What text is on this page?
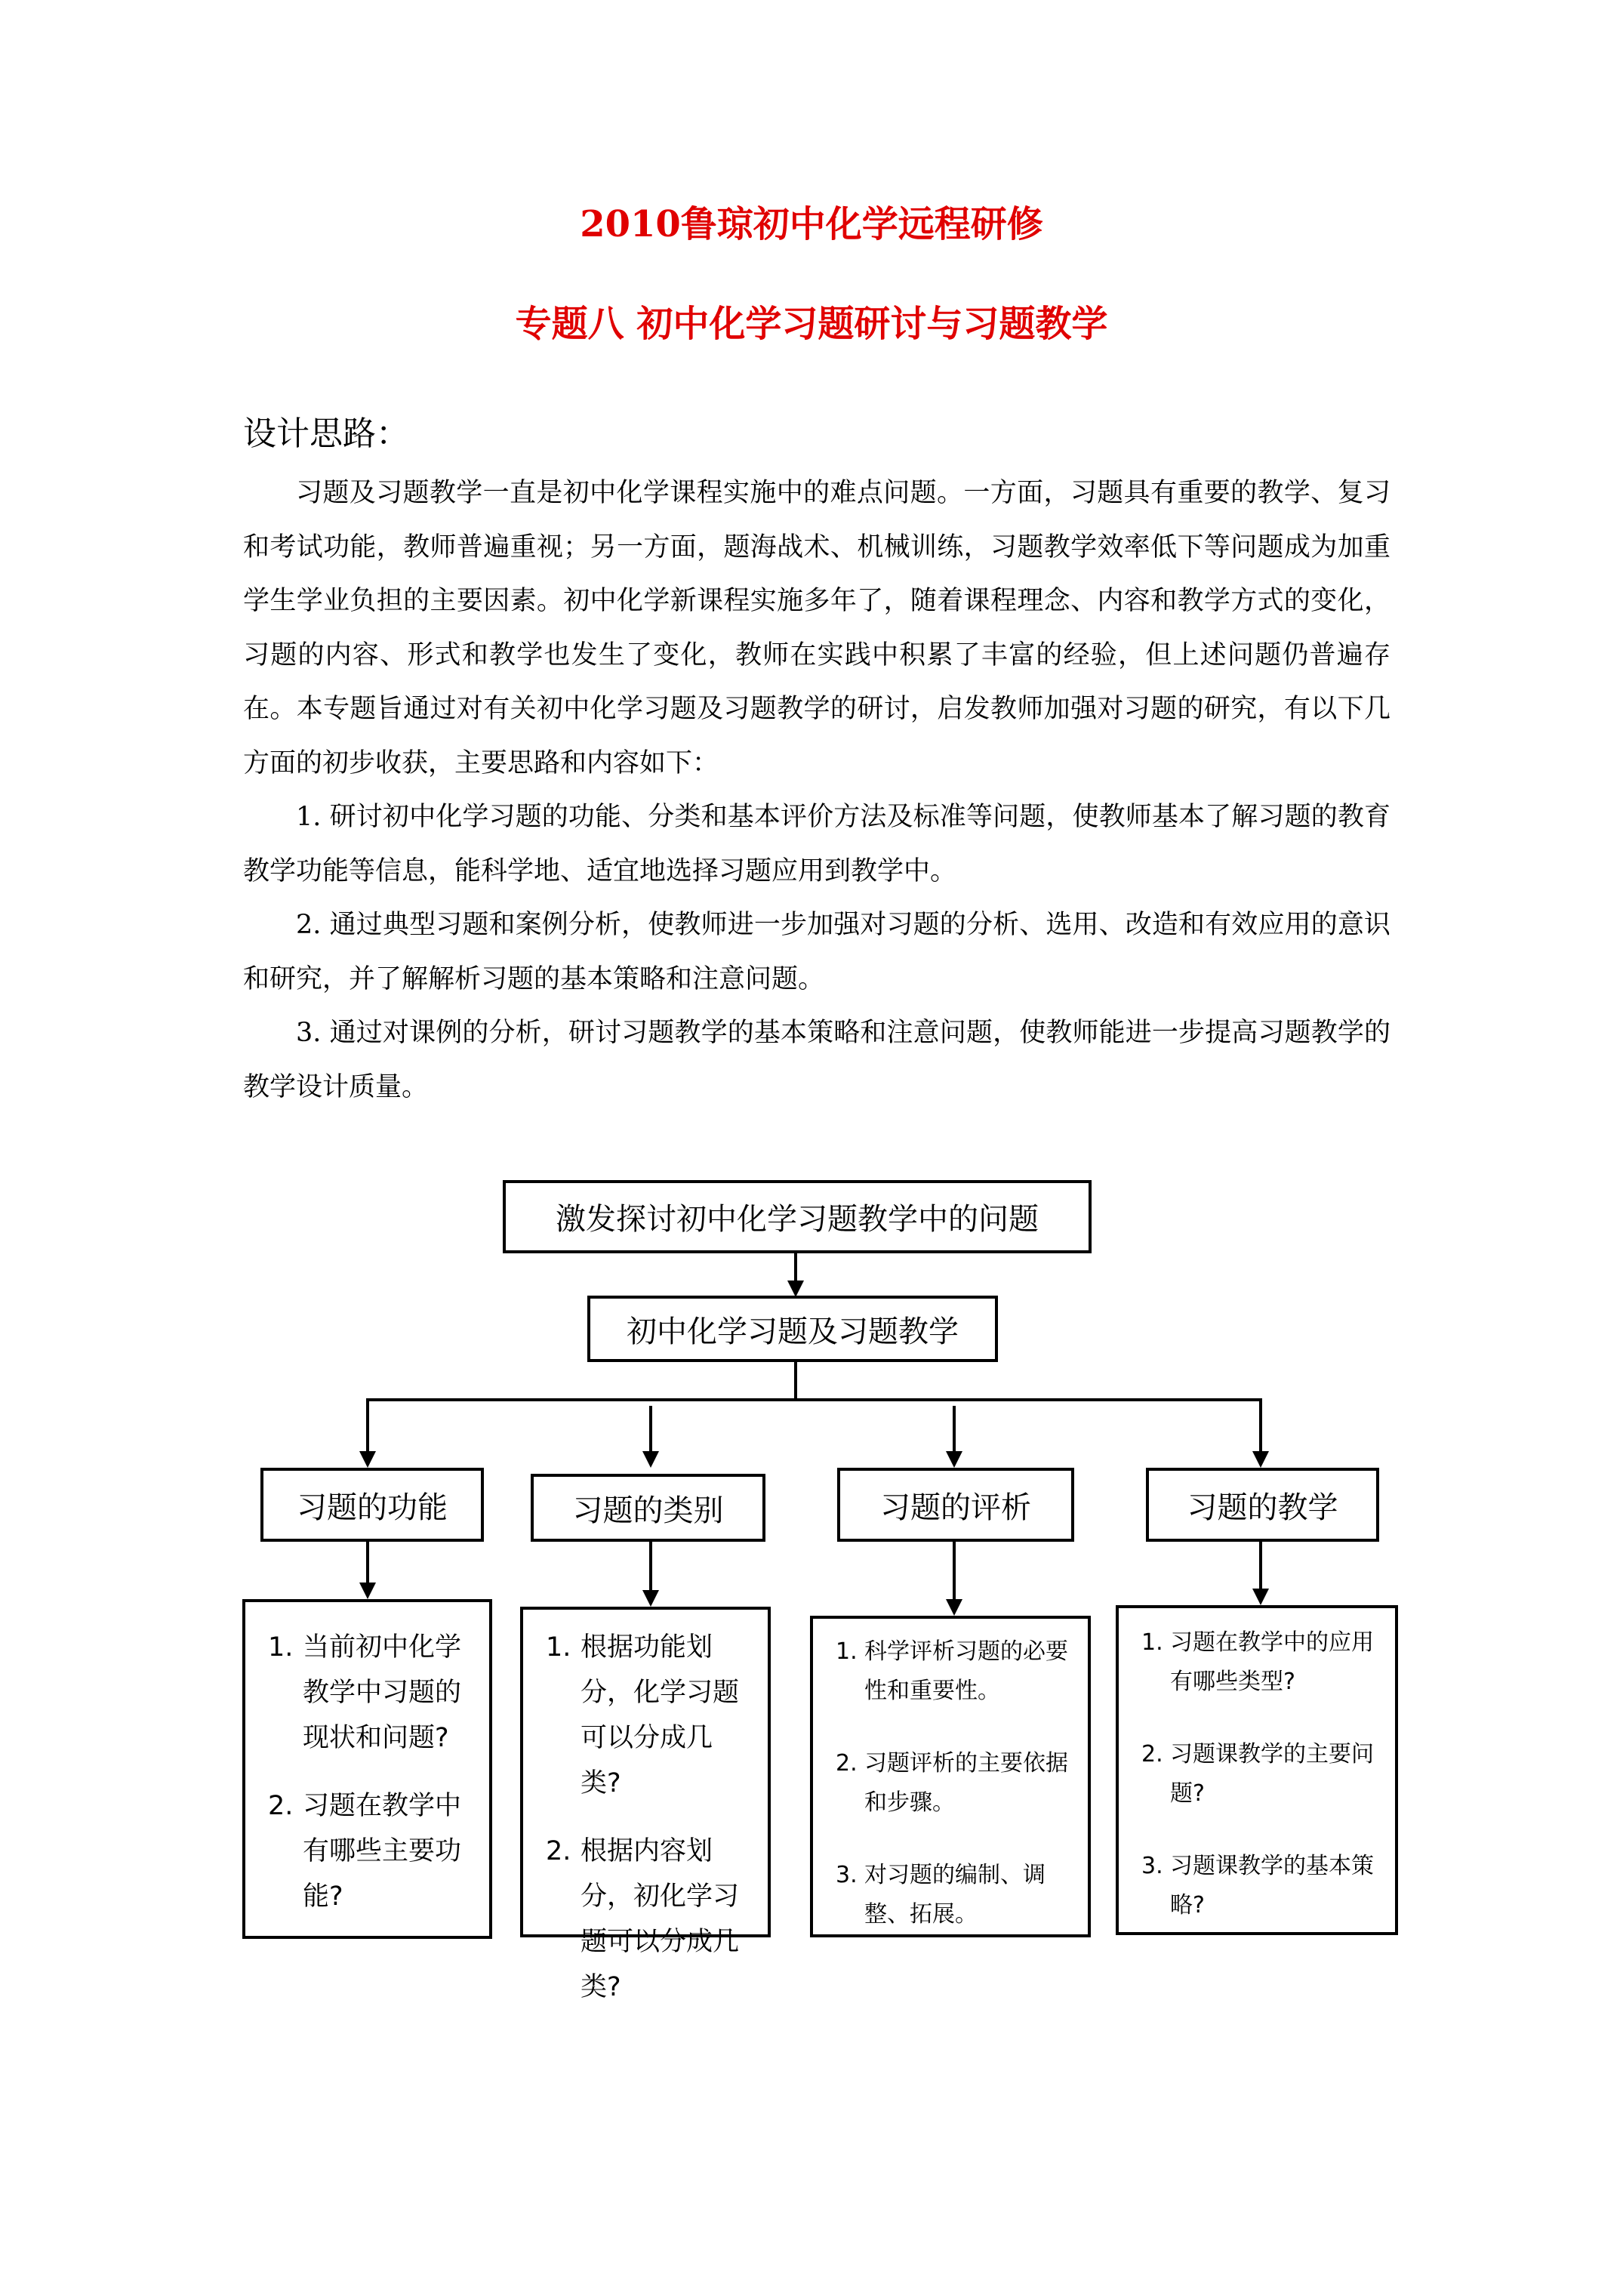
2010鲁琼初中化学远程研修
专题八 初中化学习题研讨与习题教学
设计思路：

习题及习题教学一直是初中化学课程实施中的难点问题。一方面，习题具有重要的教学、复习和考试功能，教师普遍重视；另一方面，题海战术、机械训练，习题教学效率低下等问题成为加重学生学业负担的主要因素。初中化学新课程实施多年了，随着课程理念、内容和教学方式的变化，习题的内容、形式和教学也发生了变化，教师在实践中积累了丰富的经验，但上述问题仍普遍存在。本专题旨通过对有关初中化学习题及习题教学的研讨，启发教师加强对习题的研究，有以下几方面的初步收获，主要思路和内容如下：

1. 研讨初中化学习题的功能、分类和基本评价方法及标准等问题，使教师基本了解习题的教育教学功能等信息，能科学地、适宜地选择习题应用到教学中。

2. 通过典型习题和案例分析，使教师进一步加强对习题的分析、选用、改造和有效应用的意识和研究，并了解解析习题的基本策略和注意问题。

3. 通过对课例的分析，研讨习题教学的基本策略和注意问题，使教师能进一步提高习题教学的教学设计质量。

激发探讨初中化学习题教学中的问题
初中化学习题及习题教学
习题的功能	习题的类别	习题的评析	习题的教学
1. 当前初中化学教学中习题的现状和问题?
2. 习题在教学中有哪些主要功能?
1. 根据功能划分，化学习题可以分成几类?
2. 根据内容划分，初化学习题可以分成几类?
1. 科学评析习题的必要性和重要性。
2. 习题评析的主要依据和步骤。
3. 对习题的编制、调整、拓展。
1. 习题在教学中的应用有哪些类型?
2. 习题课教学的主要问题?
3. 习题课教学的基本策略?
